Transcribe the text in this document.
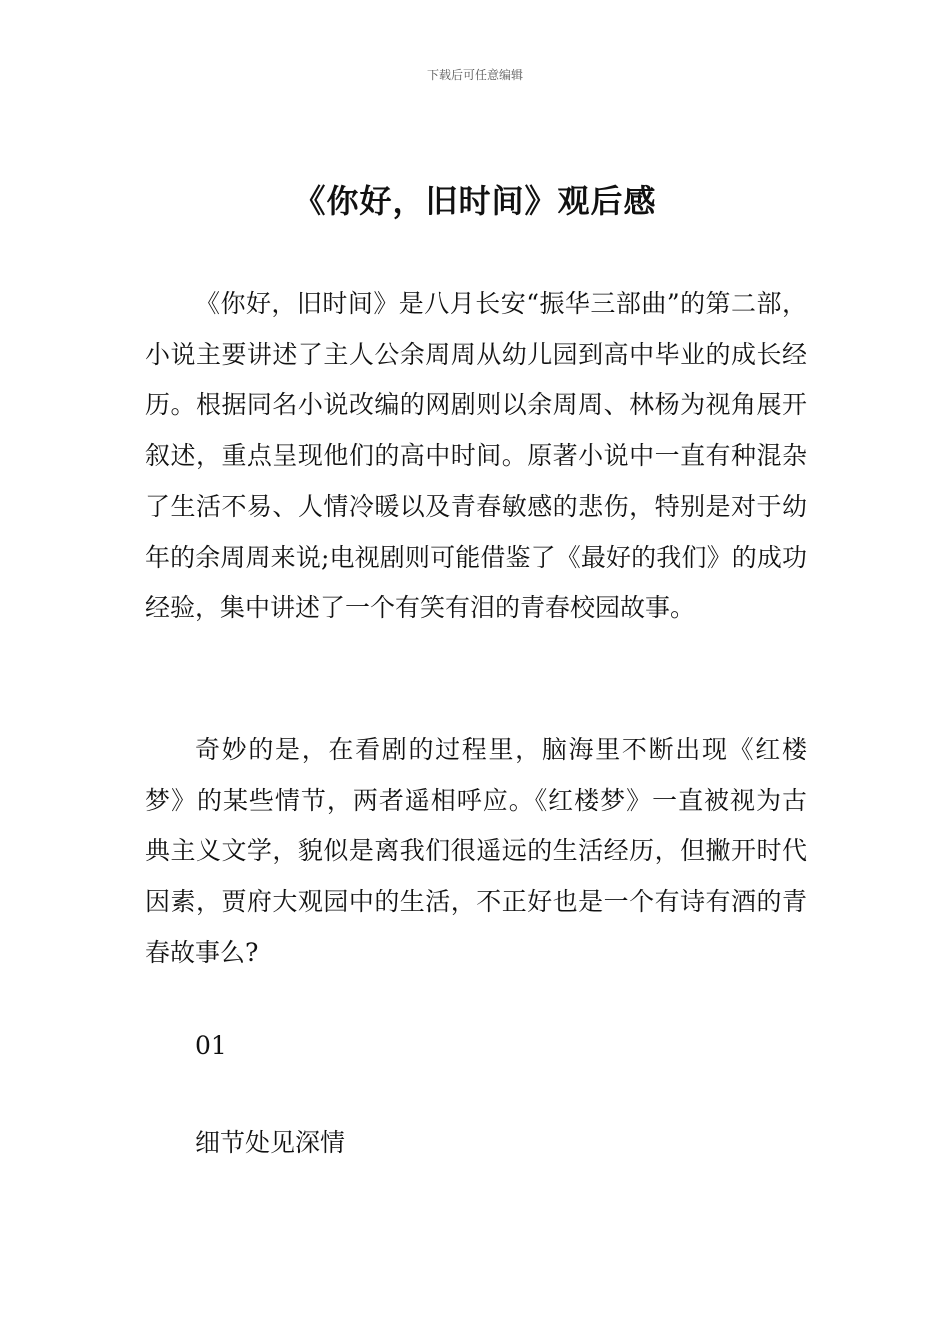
下载后可任意编辑
《你好，旧时间》观后感

《你好，旧时间》是八月长安“振华三部曲”的第二部，小说主要讲述了主人公余周周从幼儿园到高中毕业的成长经历。根据同名小说改编的网剧则以余周周、林杨为视角展开叙述，重点呈现他们的高中时间。原著小说中一直有种混杂了生活不易、人情冷暖以及青春敏感的悲伤，特别是对于幼年的余周周来说;电视剧则可能借鉴了《最好的我们》的成功经验，集中讲述了一个有笑有泪的青春校园故事。

奇妙的是，在看剧的过程里，脑海里不断出现《红楼梦》的某些情节，两者遥相呼应。《红楼梦》一直被视为古典主义文学，貌似是离我们很遥远的生活经历，但撇开时代因素，贾府大观园中的生活，不正好也是一个有诗有酒的青春故事么?

01
细节处见深情
